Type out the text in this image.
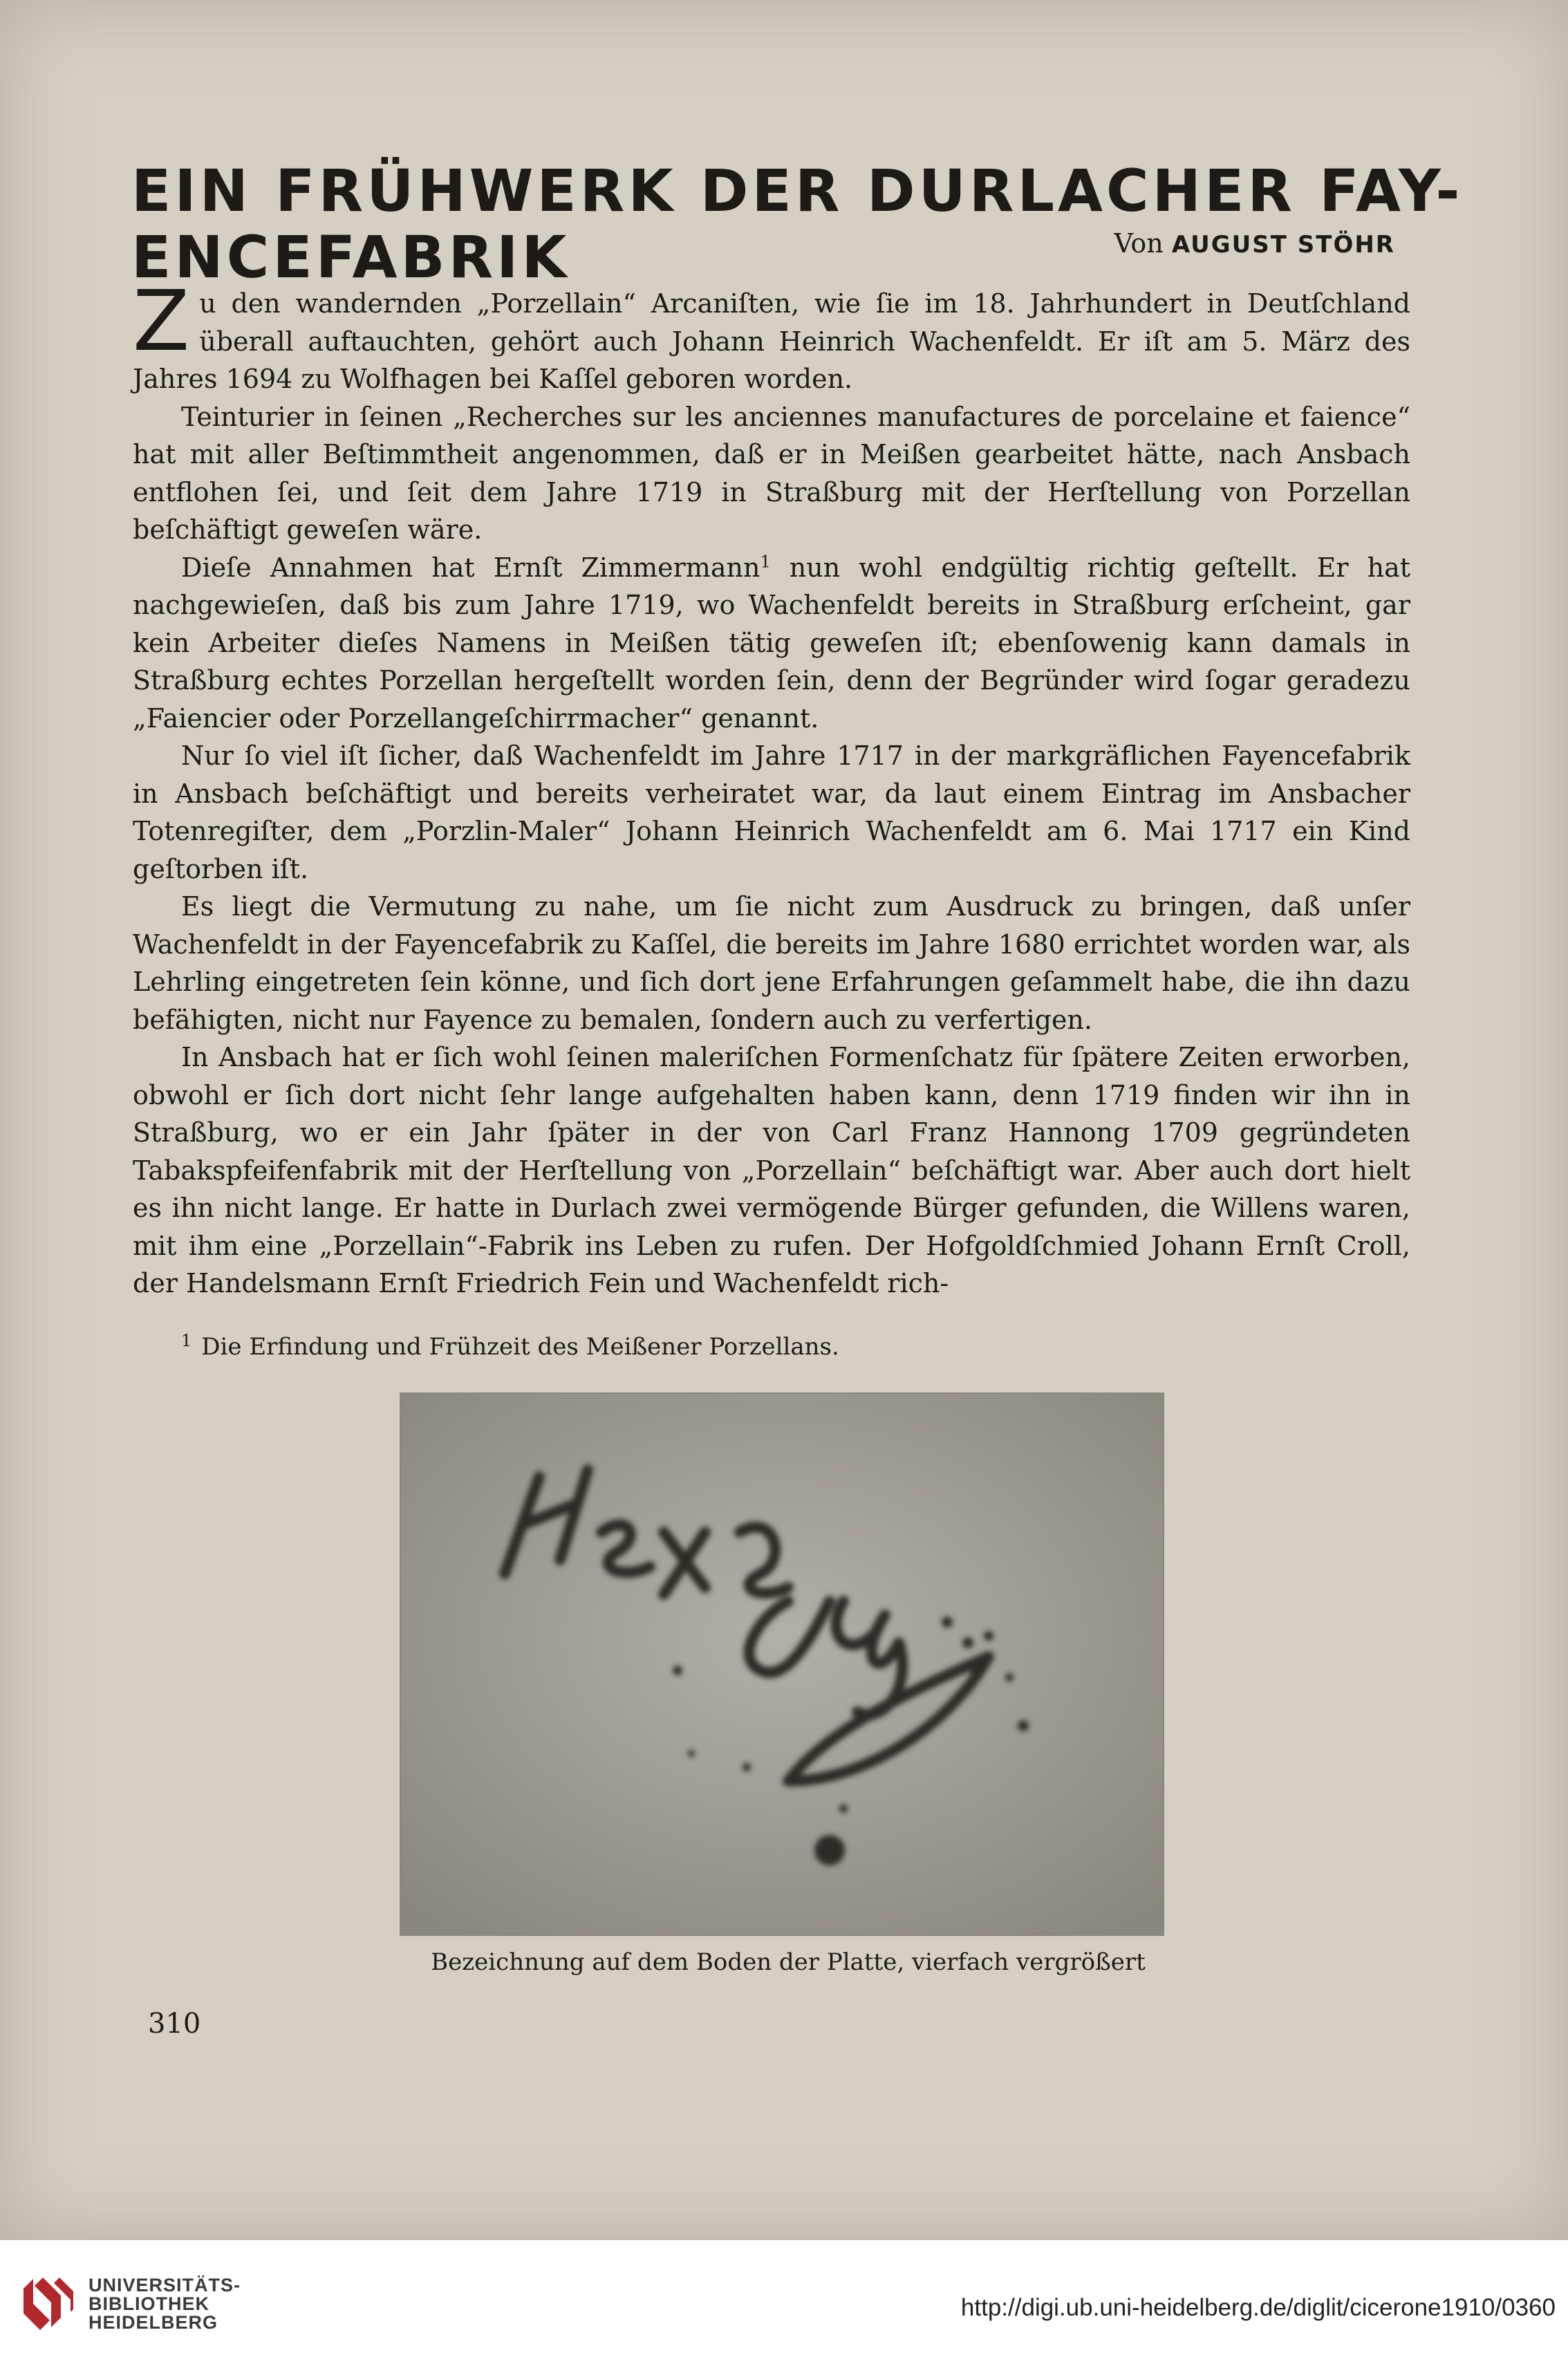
EIN FRÜHWERK DER DURLACHER FAY-
ENCEFABRIK	Von AUGUST STÖHR

Zu den wandernden „Porzellain“ Arcaniſten, wie ſie im 18. Jahrhundert in Deutſchland überall auftauchten, gehört auch Johann Heinrich Wachenfeldt. Er iſt am 5. März des Jahres 1694 zu Wolfhagen bei Kaſſel geboren worden.

Teinturier in ſeinen „Recherches sur les anciennes manufactures de porcelaine et faience“ hat mit aller Beſtimmtheit angenommen, daß er in Meißen gearbeitet hätte, nach Ansbach entflohen ſei, und ſeit dem Jahre 1719 in Straßburg mit der Herſtellung von Porzellan beſchäftigt geweſen wäre.

Dieſe Annahmen hat Ernſt Zimmermann$^1$ nun wohl endgültig richtig geſtellt. Er hat nachgewieſen, daß bis zum Jahre 1719, wo Wachenfeldt bereits in Straßburg erſcheint, gar kein Arbeiter dieſes Namens in Meißen tätig geweſen iſt; ebenſowenig kann damals in Straßburg echtes Porzellan hergeſtellt worden ſein, denn der Begründer wird ſogar geradezu „Faiencier oder Porzellangeſchirrmacher“ genannt.

Nur ſo viel iſt ſicher, daß Wachenfeldt im Jahre 1717 in der markgräflichen Fayencefabrik in Ansbach beſchäftigt und bereits verheiratet war, da laut einem Eintrag im Ansbacher Totenregiſter, dem „Porzlin-Maler“ Johann Heinrich Wachenfeldt am 6. Mai 1717 ein Kind geſtorben iſt.

Es liegt die Vermutung zu nahe, um ſie nicht zum Ausdruck zu bringen, daß unſer Wachenfeldt in der Fayencefabrik zu Kaſſel, die bereits im Jahre 1680 errichtet worden war, als Lehrling eingetreten ſein könne, und ſich dort jene Erfahrungen geſammelt habe, die ihn dazu befähigten, nicht nur Fayence zu bemalen, ſondern auch zu verfertigen.

In Ansbach hat er ſich wohl ſeinen maleriſchen Formenſchatz für ſpätere Zeiten erworben, obwohl er ſich dort nicht ſehr lange aufgehalten haben kann, denn 1719 finden wir ihn in Straßburg, wo er ein Jahr ſpäter in der von Carl Franz Hannong 1709 gegründeten Tabakspfeifenfabrik mit der Herſtellung von „Porzellain“ beſchäftigt war. Aber auch dort hielt es ihn nicht lange. Er hatte in Durlach zwei vermögende Bürger gefunden, die Willens waren, mit ihm eine „Porzellain“-Fabrik ins Leben zu rufen. Der Hofgoldſchmied Johann Ernſt Croll, der Handelsmann Ernſt Friedrich Fein und Wachenfeldt rich-

$^1$ Die Erfindung und Frühzeit des Meißener Porzellans.
Bezeichnung auf dem Boden der Platte, vierfach vergrößert
310
UNIVERSITÄTS-
BIBLIOTHEK
HEIDELBERG
http://digi.ub.uni-heidelberg.de/diglit/cicerone1910/0360
